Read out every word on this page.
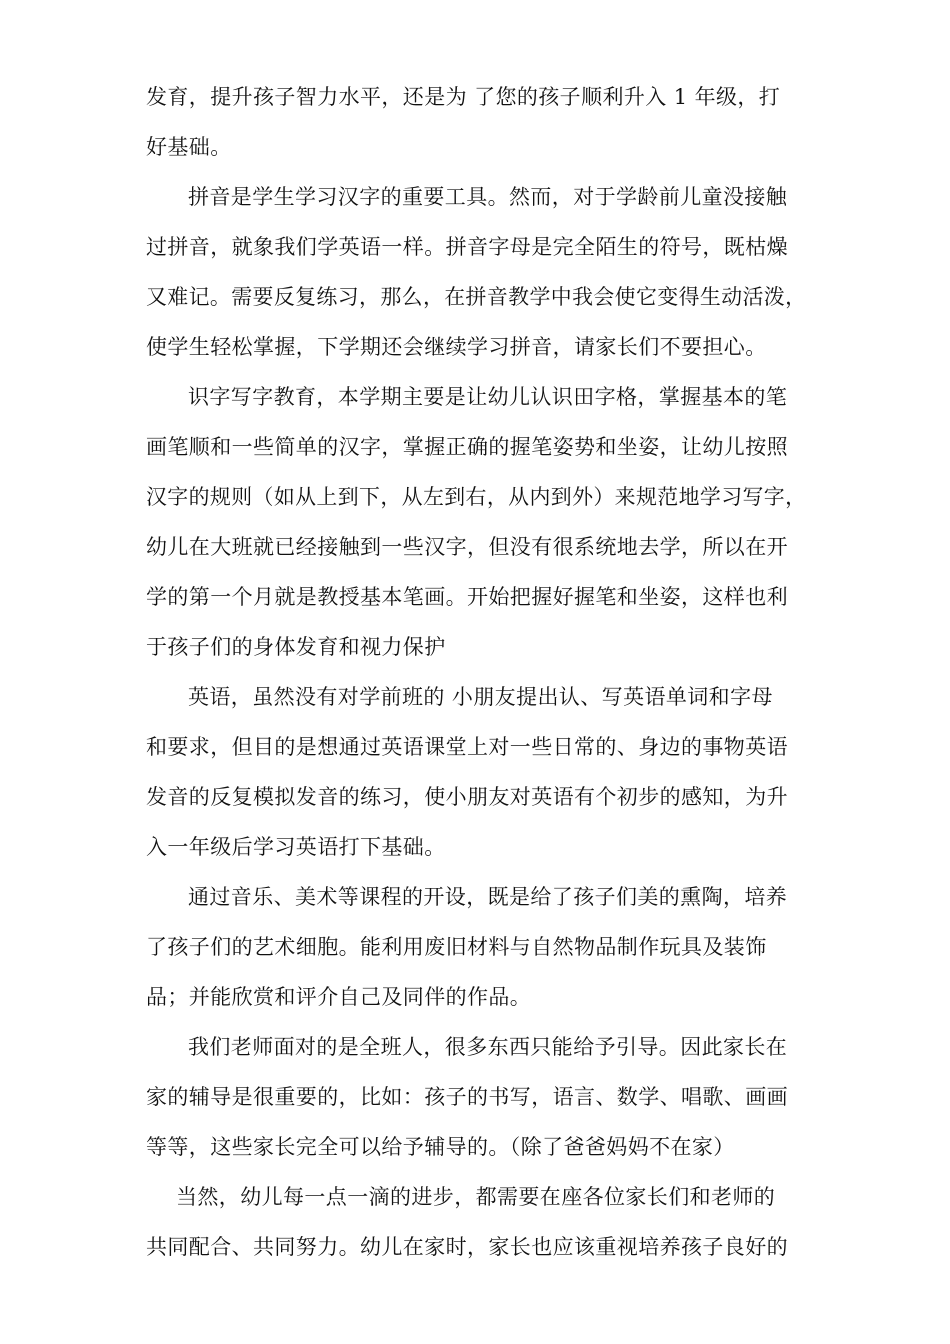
发育，提升孩子智力水平，还是为 了您的孩子顺利升入 1 年级，打
好基础。
拼音是学生学习汉字的重要工具。然而，对于学龄前儿童没接触
过拼音，就象我们学英语一样。拼音字母是完全陌生的符号，既枯燥
又难记。需要反复练习，那么，在拼音教学中我会使它变得生动活泼，
使学生轻松掌握，下学期还会继续学习拼音，请家长们不要担心。
识字写字教育，本学期主要是让幼儿认识田字格，掌握基本的笔
画笔顺和一些简单的汉字，掌握正确的握笔姿势和坐姿，让幼儿按照
汉字的规则（如从上到下，从左到右，从内到外）来规范地学习写字，
幼儿在大班就已经接触到一些汉字，但没有很系统地去学，所以在开
学的第一个月就是教授基本笔画。开始把握好握笔和坐姿，这样也利
于孩子们的身体发育和视力保护
英语，虽然没有对学前班的 小朋友提出认、写英语单词和字母
和要求，但目的是想通过英语课堂上对一些日常的、身边的事物英语
发音的反复模拟发音的练习，使小朋友对英语有个初步的感知，为升
入一年级后学习英语打下基础。
通过音乐、美术等课程的开设，既是给了孩子们美的熏陶，培养
了孩子们的艺术细胞。能利用废旧材料与自然物品制作玩具及装饰
品；并能欣赏和评介自己及同伴的作品。
我们老师面对的是全班人，很多东西只能给予引导。因此家长在
家的辅导是很重要的，比如：孩子的书写，语言、数学、唱歌、画画
等等，这些家长完全可以给予辅导的。（除了爸爸妈妈不在家）
当然，幼儿每一点一滴的进步，都需要在座各位家长们和老师的
共同配合、共同努力。幼儿在家时，家长也应该重视培养孩子良好的
